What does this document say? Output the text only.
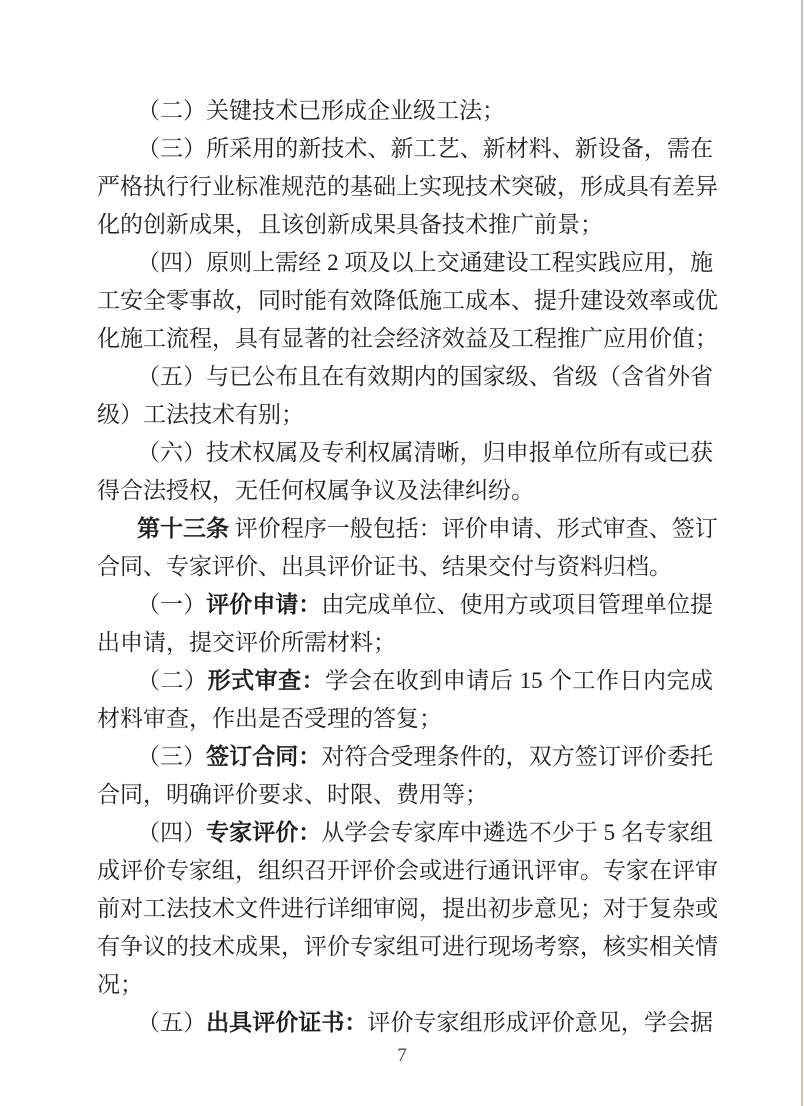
（二）关键技术已形成企业级工法；
（三）所采用的新技术、新工艺、新材料、新设备，需在
严格执行行业标准规范的基础上实现技术突破，形成具有差异
化的创新成果，且该创新成果具备技术推广前景；
（四）原则上需经 2 项及以上交通建设工程实践应用，施
工安全零事故，同时能有效降低施工成本、提升建设效率或优
化施工流程，具有显著的社会经济效益及工程推广应用价值；
（五）与已公布且在有效期内的国家级、省级（含省外省
级）工法技术有别；
（六）技术权属及专利权属清晰，归申报单位所有或已获
得合法授权，无任何权属争议及法律纠纷。
第十三条 评价程序一般包括：评价申请、形式审查、签订
合同、专家评价、出具评价证书、结果交付与资料归档。
（一）评价申请：由完成单位、使用方或项目管理单位提
出申请，提交评价所需材料；
（二）形式审查：学会在收到申请后 15 个工作日内完成
材料审查，作出是否受理的答复；
（三）签订合同：对符合受理条件的，双方签订评价委托
合同，明确评价要求、时限、费用等；
（四）专家评价：从学会专家库中遴选不少于 5 名专家组
成评价专家组，组织召开评价会或进行通讯评审。专家在评审
前对工法技术文件进行详细审阅，提出初步意见；对于复杂或
有争议的技术成果，评价专家组可进行现场考察，核实相关情
况；
（五）出具评价证书：评价专家组形成评价意见，学会据
7
